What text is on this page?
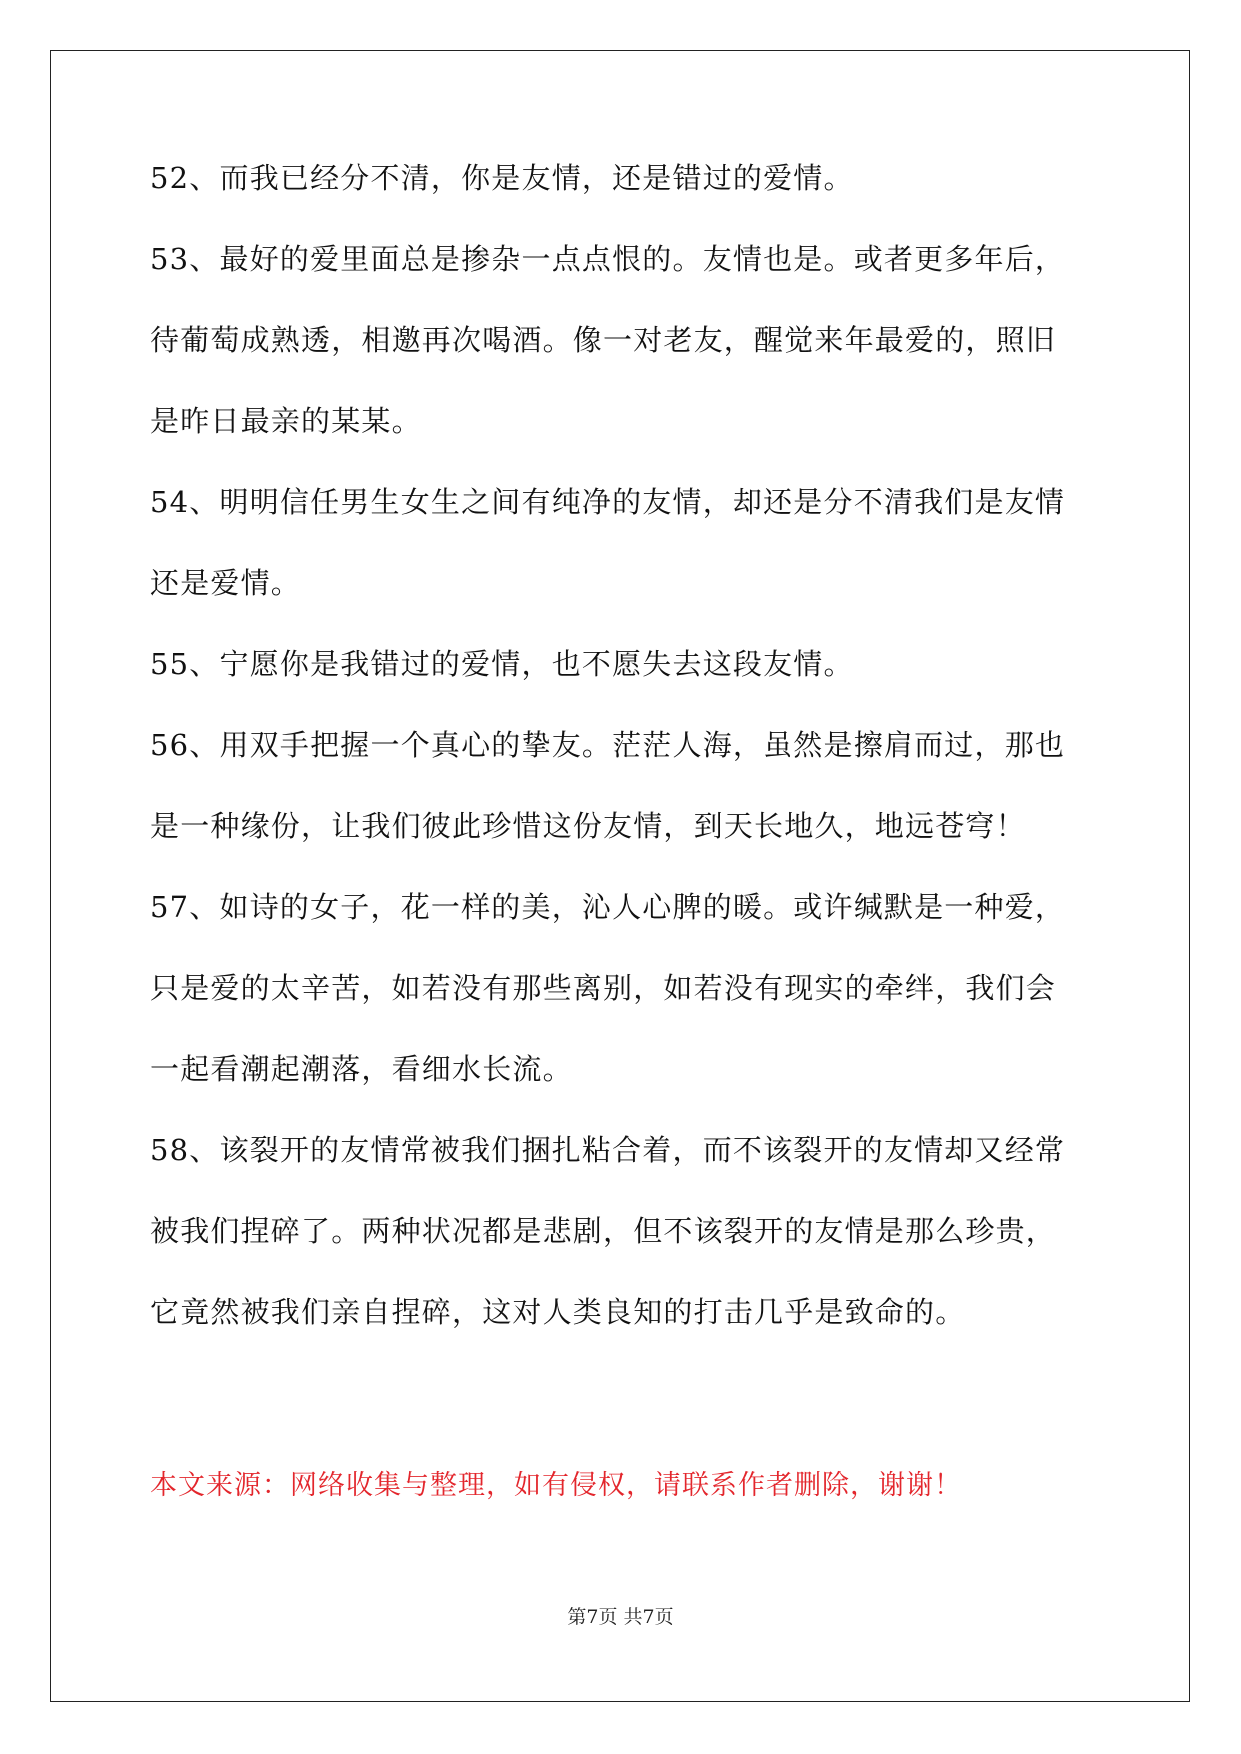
52、而我已经分不清，你是友情，还是错过的爱情。
53、最好的爱里面总是掺杂一点点恨的。友情也是。或者更多年后，
待葡萄成熟透，相邀再次喝酒。像一对老友，醒觉来年最爱的，照旧
是昨日最亲的某某。
54、明明信任男生女生之间有纯净的友情，却还是分不清我们是友情
还是爱情。
55、宁愿你是我错过的爱情，也不愿失去这段友情。
56、用双手把握一个真心的挚友。茫茫人海，虽然是擦肩而过，那也
是一种缘份，让我们彼此珍惜这份友情，到天长地久，地远苍穹！
57、如诗的女子，花一样的美，沁人心脾的暖。或许缄默是一种爱，
只是爱的太辛苦，如若没有那些离别，如若没有现实的牵绊，我们会
一起看潮起潮落，看细水长流。
58、该裂开的友情常被我们捆扎粘合着，而不该裂开的友情却又经常
被我们捏碎了。两种状况都是悲剧，但不该裂开的友情是那么珍贵，
它竟然被我们亲自捏碎，这对人类良知的打击几乎是致命的。
本文来源：网络收集与整理，如有侵权，请联系作者删除，谢谢！
第7页 共7页
